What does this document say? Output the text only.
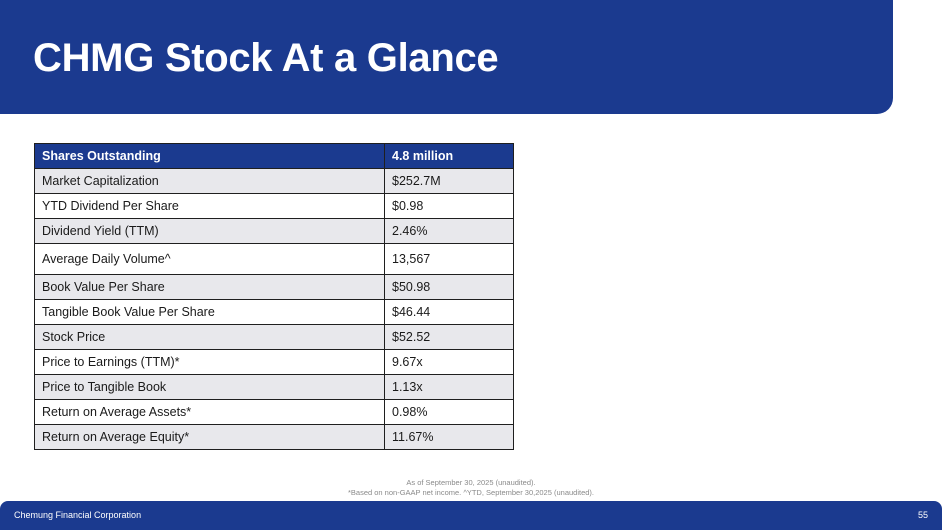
CHMG Stock At a Glance
Shares Outstanding	4.8 million
Market Capitalization	$252.7M
YTD Dividend Per Share	$0.98
Dividend Yield (TTM)	2.46%
Average Daily Volume^	13,567
Book Value Per Share	$50.98
Tangible Book Value Per Share	$46.44
Stock Price	$52.52
Price to Earnings (TTM)*	9.67x
Price to Tangible Book	1.13x
Return on Average Assets*	0.98%
Return on Average Equity*	11.67%
As of September 30, 2025 (unaudited).
*Based on non-GAAP net income. ^YTD, September 30,2025 (unaudited).
Chemung Financial Corporation	55
